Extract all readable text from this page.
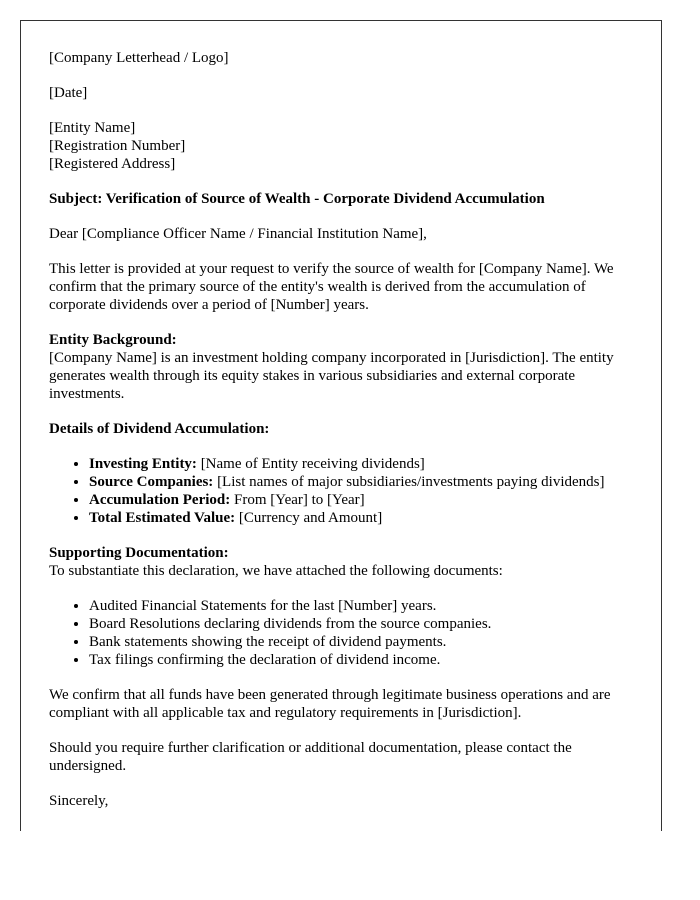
[Company Letterhead / Logo]

[Date]

[Entity Name]
[Registration Number]
[Registered Address]

Subject: Verification of Source of Wealth - Corporate Dividend Accumulation

Dear [Compliance Officer Name / Financial Institution Name],

This letter is provided at your request to verify the source of wealth for [Company Name]. We confirm that the primary source of the entity's wealth is derived from the accumulation of corporate dividends over a period of [Number] years.

Entity Background:
[Company Name] is an investment holding company incorporated in [Jurisdiction]. The entity generates wealth through its equity stakes in various subsidiaries and external corporate investments.

Details of Dividend Accumulation:

• Investing Entity: [Name of Entity receiving dividends]
• Source Companies: [List names of major subsidiaries/investments paying dividends]
• Accumulation Period: From [Year] to [Year]
• Total Estimated Value: [Currency and Amount]

Supporting Documentation:
To substantiate this declaration, we have attached the following documents:

• Audited Financial Statements for the last [Number] years.
• Board Resolutions declaring dividends from the source companies.
• Bank statements showing the receipt of dividend payments.
• Tax filings confirming the declaration of dividend income.

We confirm that all funds have been generated through legitimate business operations and are compliant with all applicable tax and regulatory requirements in [Jurisdiction].

Should you require further clarification or additional documentation, please contact the undersigned.

Sincerely,
